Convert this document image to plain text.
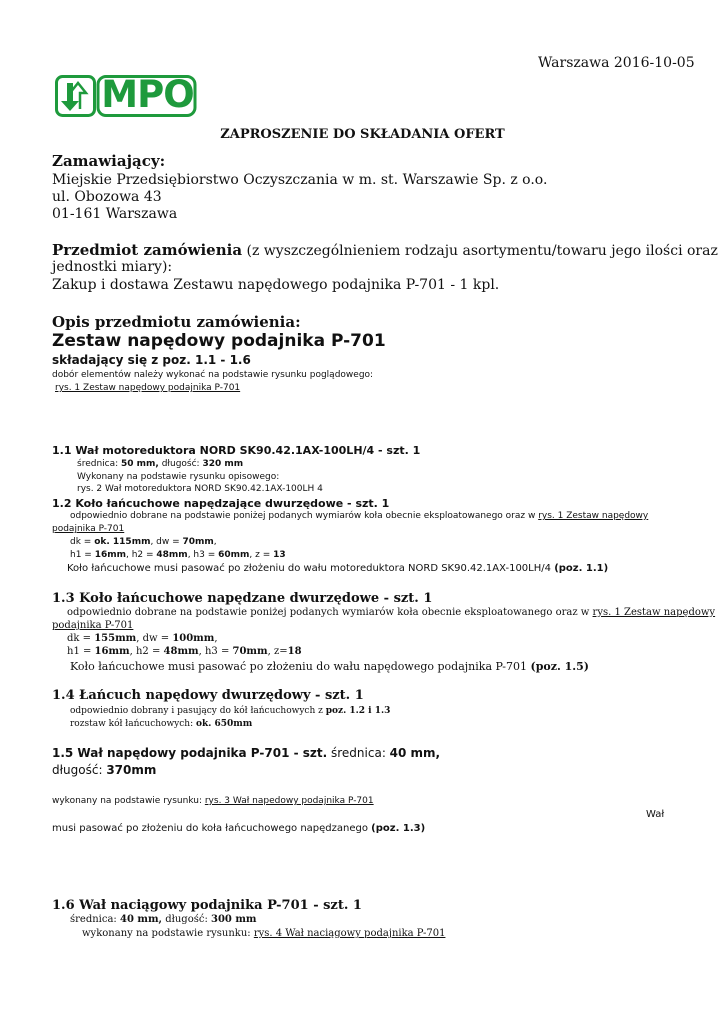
Warszawa 2016-10-05
MPO
ZAPROSZENIE DO SKŁADANIA OFERT
Zamawiający:
Miejskie Przedsiębiorstwo Oczyszczania w m. st. Warszawie Sp. z o.o.
ul. Obozowa 43
01-161 Warszawa
Przedmiot zamówienia (z wyszczególnieniem rodzaju asortymentu/towaru jego ilości oraz
jednostki miary):
Zakup i dostawa Zestawu napędowego podajnika P-701 - 1 kpl.
Opis przedmiotu zamówienia:
Zestaw napędowy podajnika P-701
składający się z poz. 1.1 - 1.6
dobór elementów należy wykonać na podstawie rysunku poglądowego:
rys. 1 Zestaw napędowy podajnika P-701
1.1 Wał motoreduktora NORD SK90.42.1AX-100LH/4 - szt. 1
średnica: 50 mm, długość: 320 mm
Wykonany na podstawie rysunku opisowego:
rys. 2 Wał motoreduktora NORD SK90.42.1AX-100LH 4
1.2 Koło łańcuchowe napędzające dwurzędowe - szt. 1
odpowiednio dobrane na podstawie poniżej podanych wymiarów koła obecnie eksploatowanego oraz w rys. 1 Zestaw napędowy
podajnika P-701
dk = ok. 115mm, dw = 70mm,
h1 = 16mm, h2 = 48mm, h3 = 60mm, z = 13
Koło łańcuchowe musi pasować po złożeniu do wału motoreduktora NORD SK90.42.1AX-100LH/4 (poz. 1.1)
1.3 Koło łańcuchowe napędzane dwurzędowe - szt. 1
odpowiednio dobrane na podstawie poniżej podanych wymiarów koła obecnie eksploatowanego oraz w rys. 1 Zestaw napędowy
podajnika P-701
dk = 155mm, dw = 100mm,
h1 = 16mm, h2 = 48mm, h3 = 70mm, z=18
Koło łańcuchowe musi pasować po złożeniu do wału napędowego podajnika P-701 (poz. 1.5)
1.4 Łańcuch napędowy dwurzędowy - szt. 1
odpowiednio dobrany i pasujący do kół łańcuchowych z poz. 1.2 i 1.3
rozstaw kół łańcuchowych: ok. 650mm
1.5 Wał napędowy podajnika P-701 - szt. średnica: 40 mm,
długość: 370mm
wykonany na podstawie rysunku: rys. 3 Wał napedowy podajnika P-701
Wał
musi pasować po złożeniu do koła łańcuchowego napędzanego (poz. 1.3)
1.6 Wał naciągowy podajnika P-701 - szt. 1
średnica: 40 mm, długość: 300 mm
wykonany na podstawie rysunku: rys. 4 Wał naciągowy podajnika P-701
